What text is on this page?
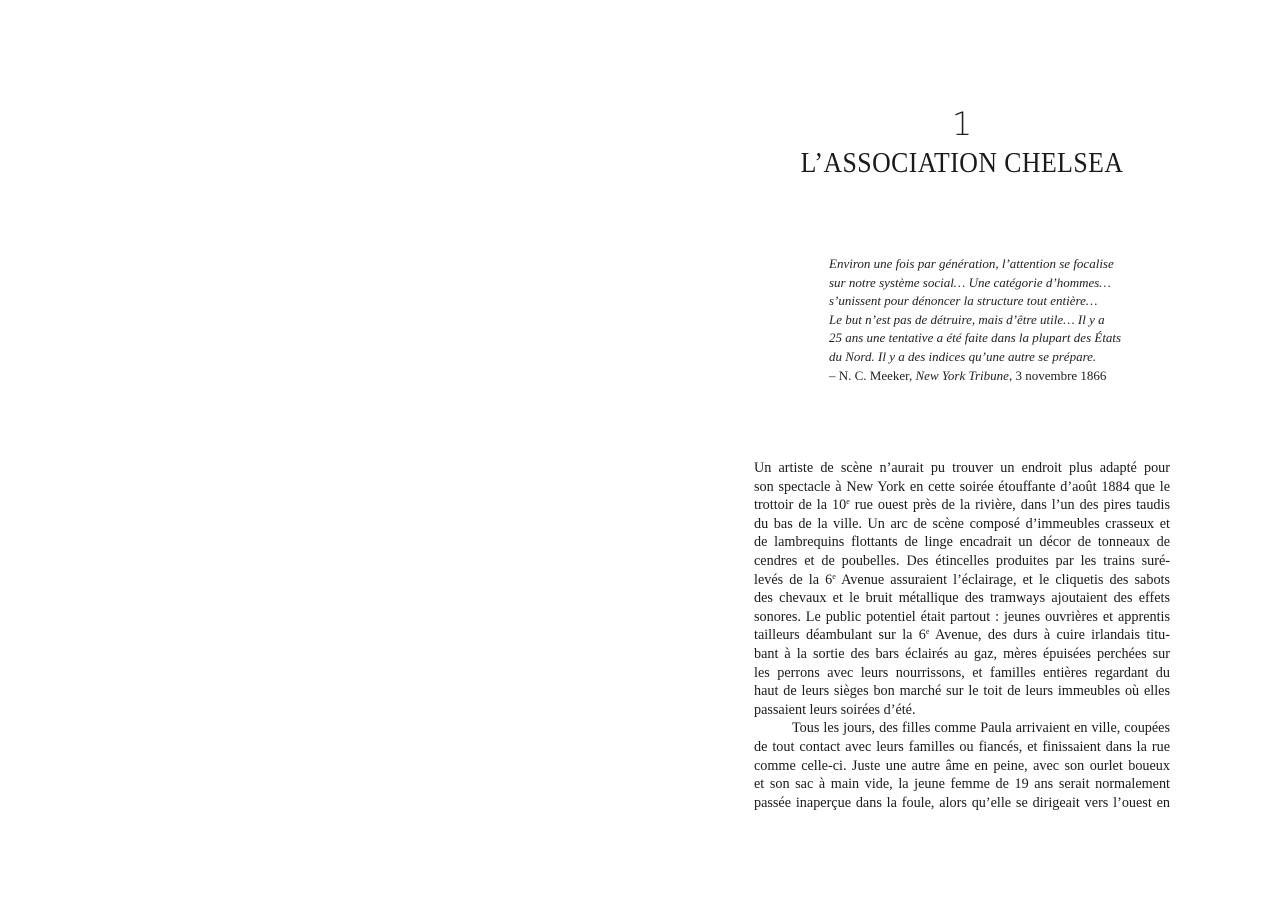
1
L’ASSOCIATION CHELSEA
Environ une fois par génération, l’attention se focalise
sur notre système social… Une catégorie d’hommes…
s’unissent pour dénoncer la structure tout entière…
Le but n’est pas de détruire, mais d’être utile… Il y a
25 ans une tentative a été faite dans la plupart des États
du Nord. Il y a des indices qu’une autre se prépare.
– N. C. Meeker, New York Tribune, 3 novembre 1866

Un artiste de scène n’aurait pu trouver un endroit plus adapté pour
son spectacle à New York en cette soirée étouffante d’août 1884 que le
trottoir de la 10e rue ouest près de la rivière, dans l’un des pires taudis
du bas de la ville. Un arc de scène composé d’immeubles crasseux et
de lambrequins flottants de linge encadrait un décor de tonneaux de
cendres et de poubelles. Des étincelles produites par les trains suré-
levés de la 6e Avenue assuraient l’éclairage, et le cliquetis des sabots
des chevaux et le bruit métallique des tramways ajoutaient des effets
sonores. Le public potentiel était partout : jeunes ouvrières et apprentis
tailleurs déambulant sur la 6e Avenue, des durs à cuire irlandais titu-
bant à la sortie des bars éclairés au gaz, mères épuisées perchées sur
les perrons avec leurs nourrissons, et familles entières regardant du
haut de leurs sièges bon marché sur le toit de leurs immeubles où elles
passaient leurs soirées d’été.

Tous les jours, des filles comme Paula arrivaient en ville, coupées
de tout contact avec leurs familles ou fiancés, et finissaient dans la rue
comme celle-ci. Juste une autre âme en peine, avec son ourlet boueux
et son sac à main vide, la jeune femme de 19 ans serait normalement
passée inaperçue dans la foule, alors qu’elle se dirigeait vers l’ouest en
